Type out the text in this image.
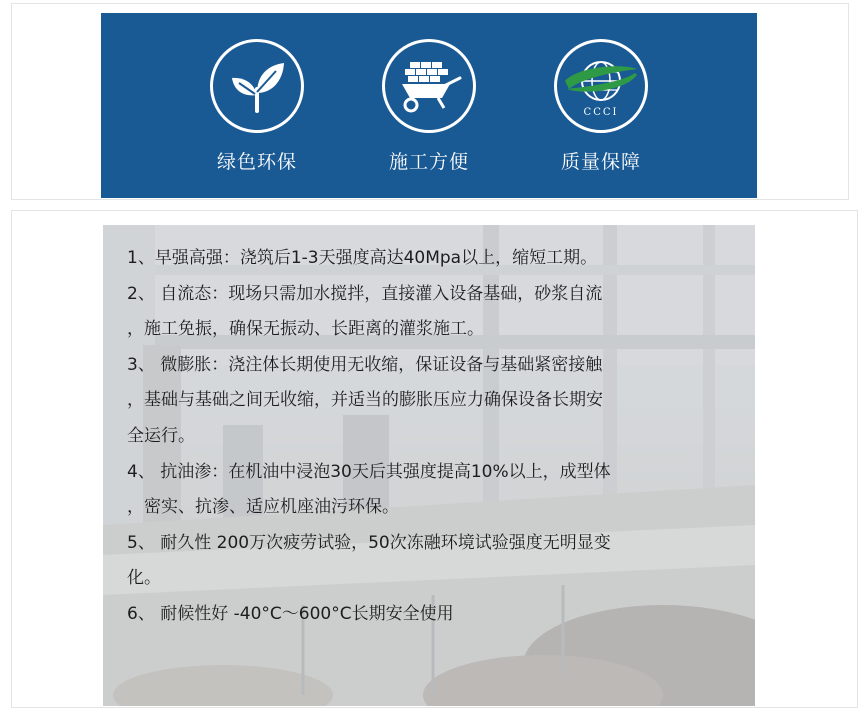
绿色环保	施工方便
CCCI
质量保障
1、早强高强：浇筑后1-3天强度高达40Mpa以上，缩短工期。
2、 自流态：现场只需加水搅拌，直接灌入设备基础，砂浆自流
，施工免振，确保无振动、长距离的灌浆施工。
3、 微膨胀：浇注体长期使用无收缩，保证设备与基础紧密接触
，基础与基础之间无收缩，并适当的膨胀压应力确保设备长期安
全运行。
4、 抗油渗：在机油中浸泡30天后其强度提高10%以上，成型体
，密实、抗渗、适应机座油污环保。
5、 耐久性 200万次疲劳试验，50次冻融环境试验强度无明显变
化。
6、 耐候性好 -40°C～600°C长期安全使用
